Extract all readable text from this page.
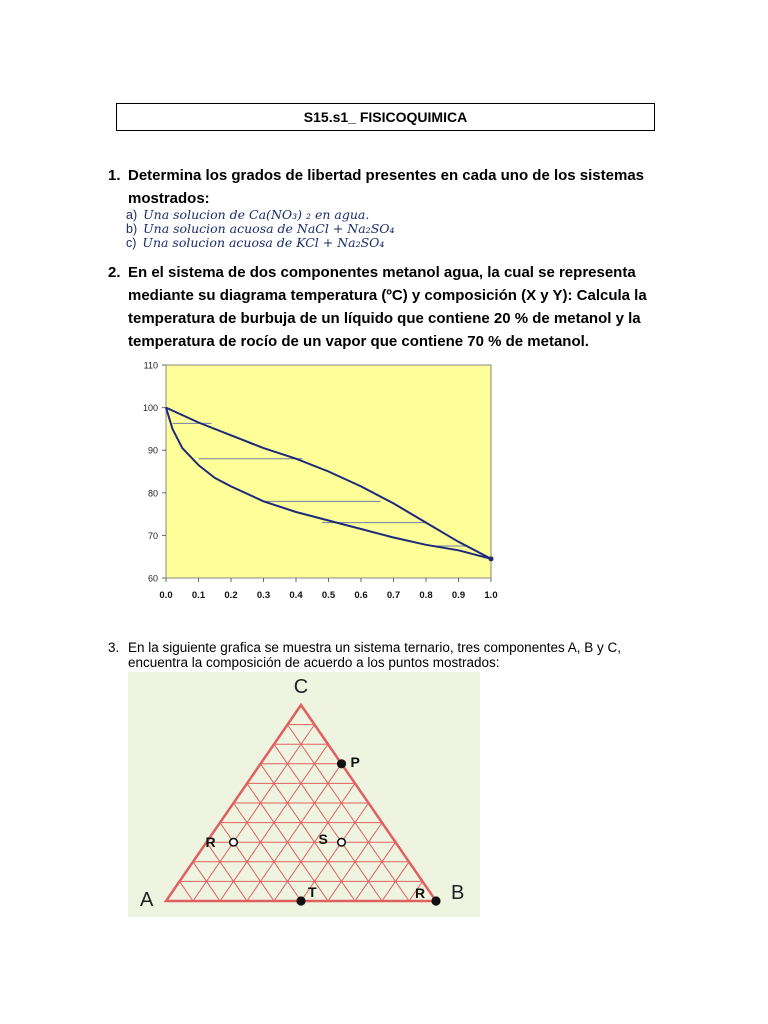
S15.s1_ FISICOQUIMICA
1. Determina los grados de libertad presentes en cada uno de los sistemas mostrados:
a) Una solucion de Ca(NO₃) ₂ en agua.
b) Una solucion acuosa de NaCl + Na₂SO₄
c) Una solucion acuosa de KCl + Na₂SO₄
2. En el sistema de dos componentes metanol agua, la cual se representa mediante su diagrama temperatura (ºC) y composición (X y Y): Calcula la temperatura de burbuja de un líquido que contiene 20 % de metanol y la temperatura de rocío de un vapor que contiene 70 % de metanol.
60
70
80
90
100
110
0.0 0.1 0.2 0.3 0.4 0.5 0.6 0.7 0.8 0.9 1.0
3. En la siguiente grafica se muestra un sistema ternario, tres componentes A, B y C, encuentra la composición de acuerdo a los puntos mostrados:
C
A	B
P
R	S
T	R
